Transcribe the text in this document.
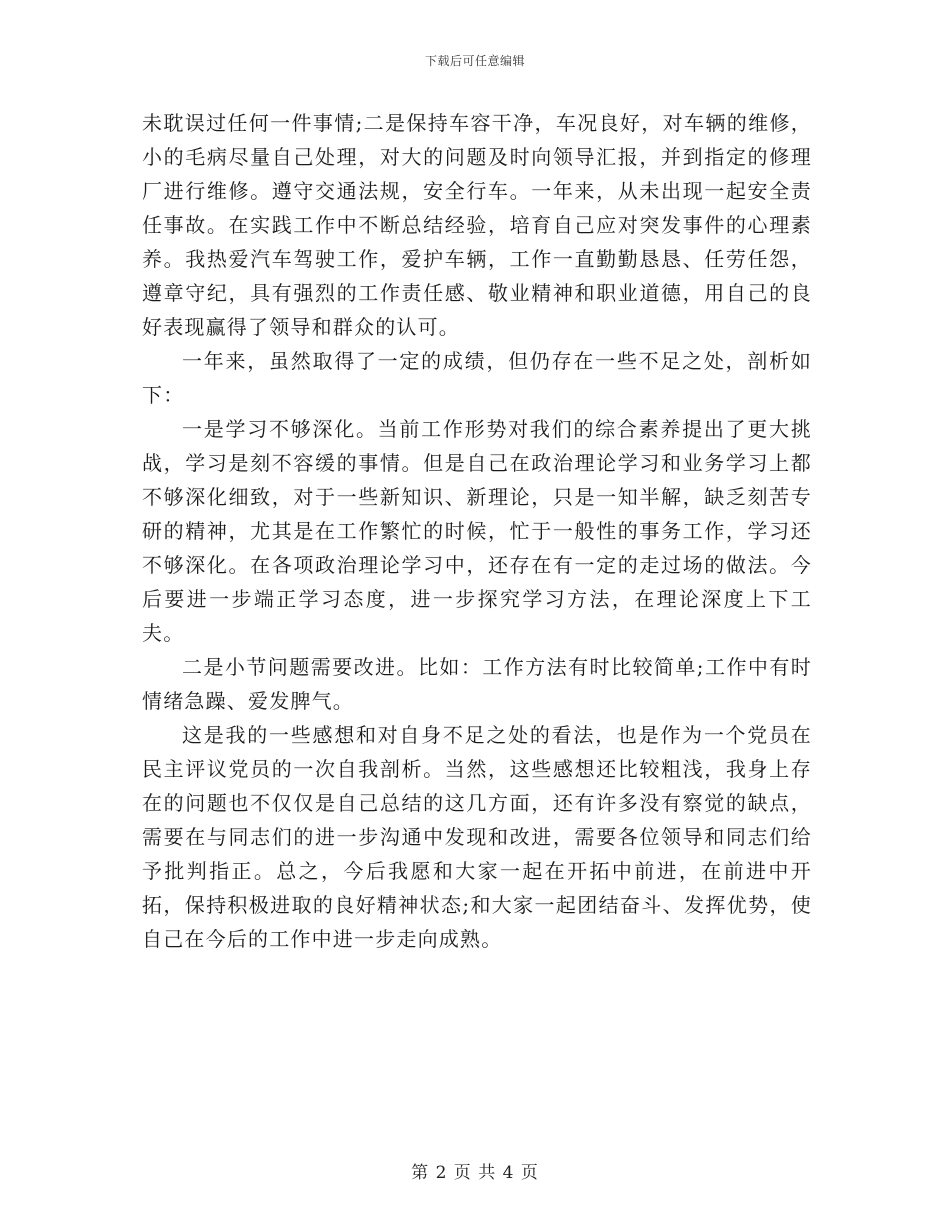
下载后可任意编辑

未耽误过任何一件事情;二是保持车容干净，车况良好，对车辆的维修，小的毛病尽量自己处理，对大的问题及时向领导汇报，并到指定的修理厂进行维修。遵守交通法规，安全行车。一年来，从未出现一起安全责任事故。在实践工作中不断总结经验，培育自己应对突发事件的心理素养。我热爱汽车驾驶工作，爱护车辆，工作一直勤勤恳恳、任劳任怨，遵章守纪，具有强烈的工作责任感、敬业精神和职业道德，用自己的良好表现赢得了领导和群众的认可。

一年来，虽然取得了一定的成绩，但仍存在一些不足之处，剖析如下：

一是学习不够深化。当前工作形势对我们的综合素养提出了更大挑战，学习是刻不容缓的事情。但是自己在政治理论学习和业务学习上都不够深化细致，对于一些新知识、新理论，只是一知半解，缺乏刻苦专研的精神，尤其是在工作繁忙的时候，忙于一般性的事务工作，学习还不够深化。在各项政治理论学习中，还存在有一定的走过场的做法。今后要进一步端正学习态度，进一步探究学习方法，在理论深度上下工夫。

二是小节问题需要改进。比如：工作方法有时比较简单;工作中有时情绪急躁、爱发脾气。

这是我的一些感想和对自身不足之处的看法，也是作为一个党员在民主评议党员的一次自我剖析。当然，这些感想还比较粗浅，我身上存在的问题也不仅仅是自己总结的这几方面，还有许多没有察觉的缺点，需要在与同志们的进一步沟通中发现和改进，需要各位领导和同志们给予批判指正。总之，今后我愿和大家一起在开拓中前进，在前进中开拓，保持积极进取的良好精神状态;和大家一起团结奋斗、发挥优势，使自己在今后的工作中进一步走向成熟。

第 2 页 共 4 页
